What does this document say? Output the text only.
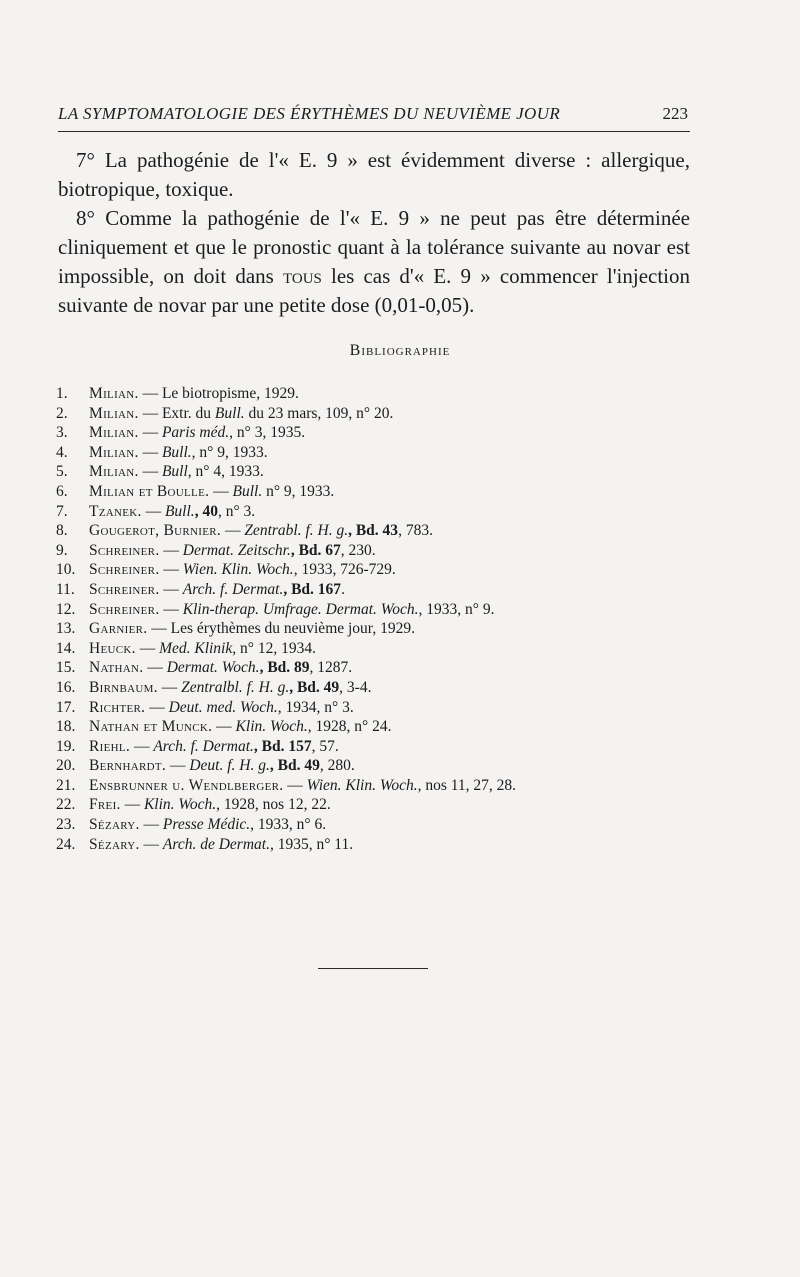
LA SYMPTOMATOLOGIE DES ÉRYTHÈMES DU NEUVIÈME JOUR	223

7° La pathogénie de l'« E. 9 » est évidemment diverse : allergique, biotropique, toxique.

8° Comme la pathogénie de l'« E. 9 » ne peut pas être déterminée cliniquement et que le pronostic quant à la tolérance suivante au novar est impossible, on doit dans tous les cas d'« E. 9 » commencer l'injection suivante de novar par une petite dose (0,01-0,05).

Bibliographie
1. Milian. — Le biotropisme, 1929.
2. Milian. — Extr. du Bull. du 23 mars, 109, n° 20.
3. Milian. — Paris méd., n° 3, 1935.
4. Milian. — Bull., n° 9, 1933.
5. Milian. — Bull, n° 4, 1933.
6. Milian et Boulle. — Bull. n° 9, 1933.
7. Tzanek. — Bull., 40, n° 3.
8. Gougerot, Burnier. — Zentrabl. f. H. g., Bd. 43, 783.
9. Schreiner. — Dermat. Zeitschr., Bd. 67, 230.
10. Schreiner. — Wien. Klin. Woch., 1933, 726-729.
11. Schreiner. — Arch. f. Dermat., Bd. 167.
12. Schreiner. — Klin-therap. Umfrage. Dermat. Woch., 1933, n° 9.
13. Garnier. — Les érythèmes du neuvième jour, 1929.
14. Heuck. — Med. Klinik, n° 12, 1934.
15. Nathan. — Dermat. Woch., Bd. 89, 1287.
16. Birnbaum. — Zentralbl. f. H. g., Bd. 49, 3-4.
17. Richter. — Deut. med. Woch., 1934, n° 3.
18. Nathan et Munck. — Klin. Woch., 1928, n° 24.
19. Riehl. — Arch. f. Dermat., Bd. 157, 57.
20. Bernhardt. — Deut. f. H. g., Bd. 49, 280.
21. Ensbrunner u. Wendlberger. — Wien. Klin. Woch., nos 11, 27, 28.
22. Frei. — Klin. Woch., 1928, nos 12, 22.
23. Sézary. — Presse Médic., 1933, n° 6.
24. Sézary. — Arch. de Dermat., 1935, n° 11.
